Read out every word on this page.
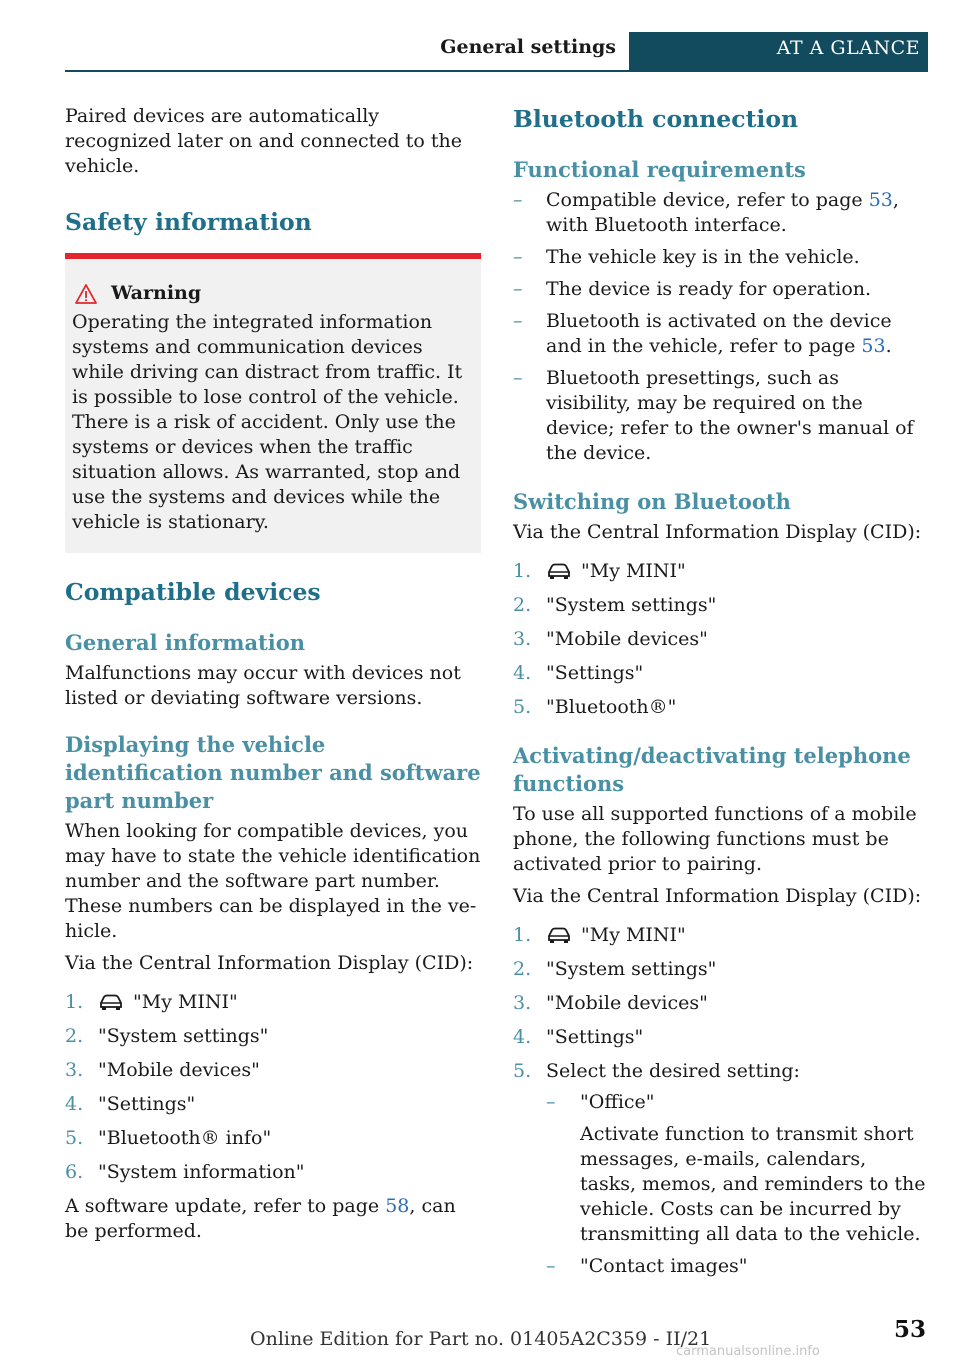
General settings	AT A GLANCE

Paired devices are automatically recognized later on and connected to the vehicle.

Safety information
Warning
Operating the integrated information systems and communication devices while driving can distract from traffic. It is possible to lose control of the vehicle. There is a risk of accident. Only use the systems or devices when the traffic situation allows. As warranted, stop and use the systems and devices while the vehicle is stationary.
Compatible devices
General information

Malfunctions may occur with devices not listed or deviating software versions.

Displaying the vehicle identification number and software part number

When looking for compatible devices, you may have to state the vehicle identification number and the software part number. These numbers can be displayed in the vehicle.

Via the Central Information Display (CID):

1.	"My MINI"
2. "System settings"
3. "Mobile devices"
4. "Settings"
5. "Bluetooth® info"
6. "System information"

A software update, refer to page 58, can be performed.

Bluetooth connection
Functional requirements
– Compatible device, refer to page 53, with Bluetooth interface.
– The vehicle key is in the vehicle.
– The device is ready for operation.
– Bluetooth is activated on the device and in the vehicle, refer to page 53.
– Bluetooth presettings, such as visibility, may be required on the device; refer to the owner's manual of the device.
Switching on Bluetooth

Via the Central Information Display (CID):

1.	"My MINI"
2. "System settings"
3. "Mobile devices"
4. "Settings"
5. "Bluetooth®"
Activating/deactivating telephone functions

To use all supported functions of a mobile phone, the following functions must be activated prior to pairing.

Via the Central Information Display (CID):

1.	"My MINI"
2. "System settings"
3. "Mobile devices"
4. "Settings"
5. Select the desired setting:
– "Office"
Activate function to transmit short messages, e-mails, calendars, tasks, memos, and reminders to the vehicle. Costs can be incurred by transmitting all data to the vehicle.
– "Contact images"
Online Edition for Part no. 01405A2C359 - II/21	53
carmanualsonline.info
